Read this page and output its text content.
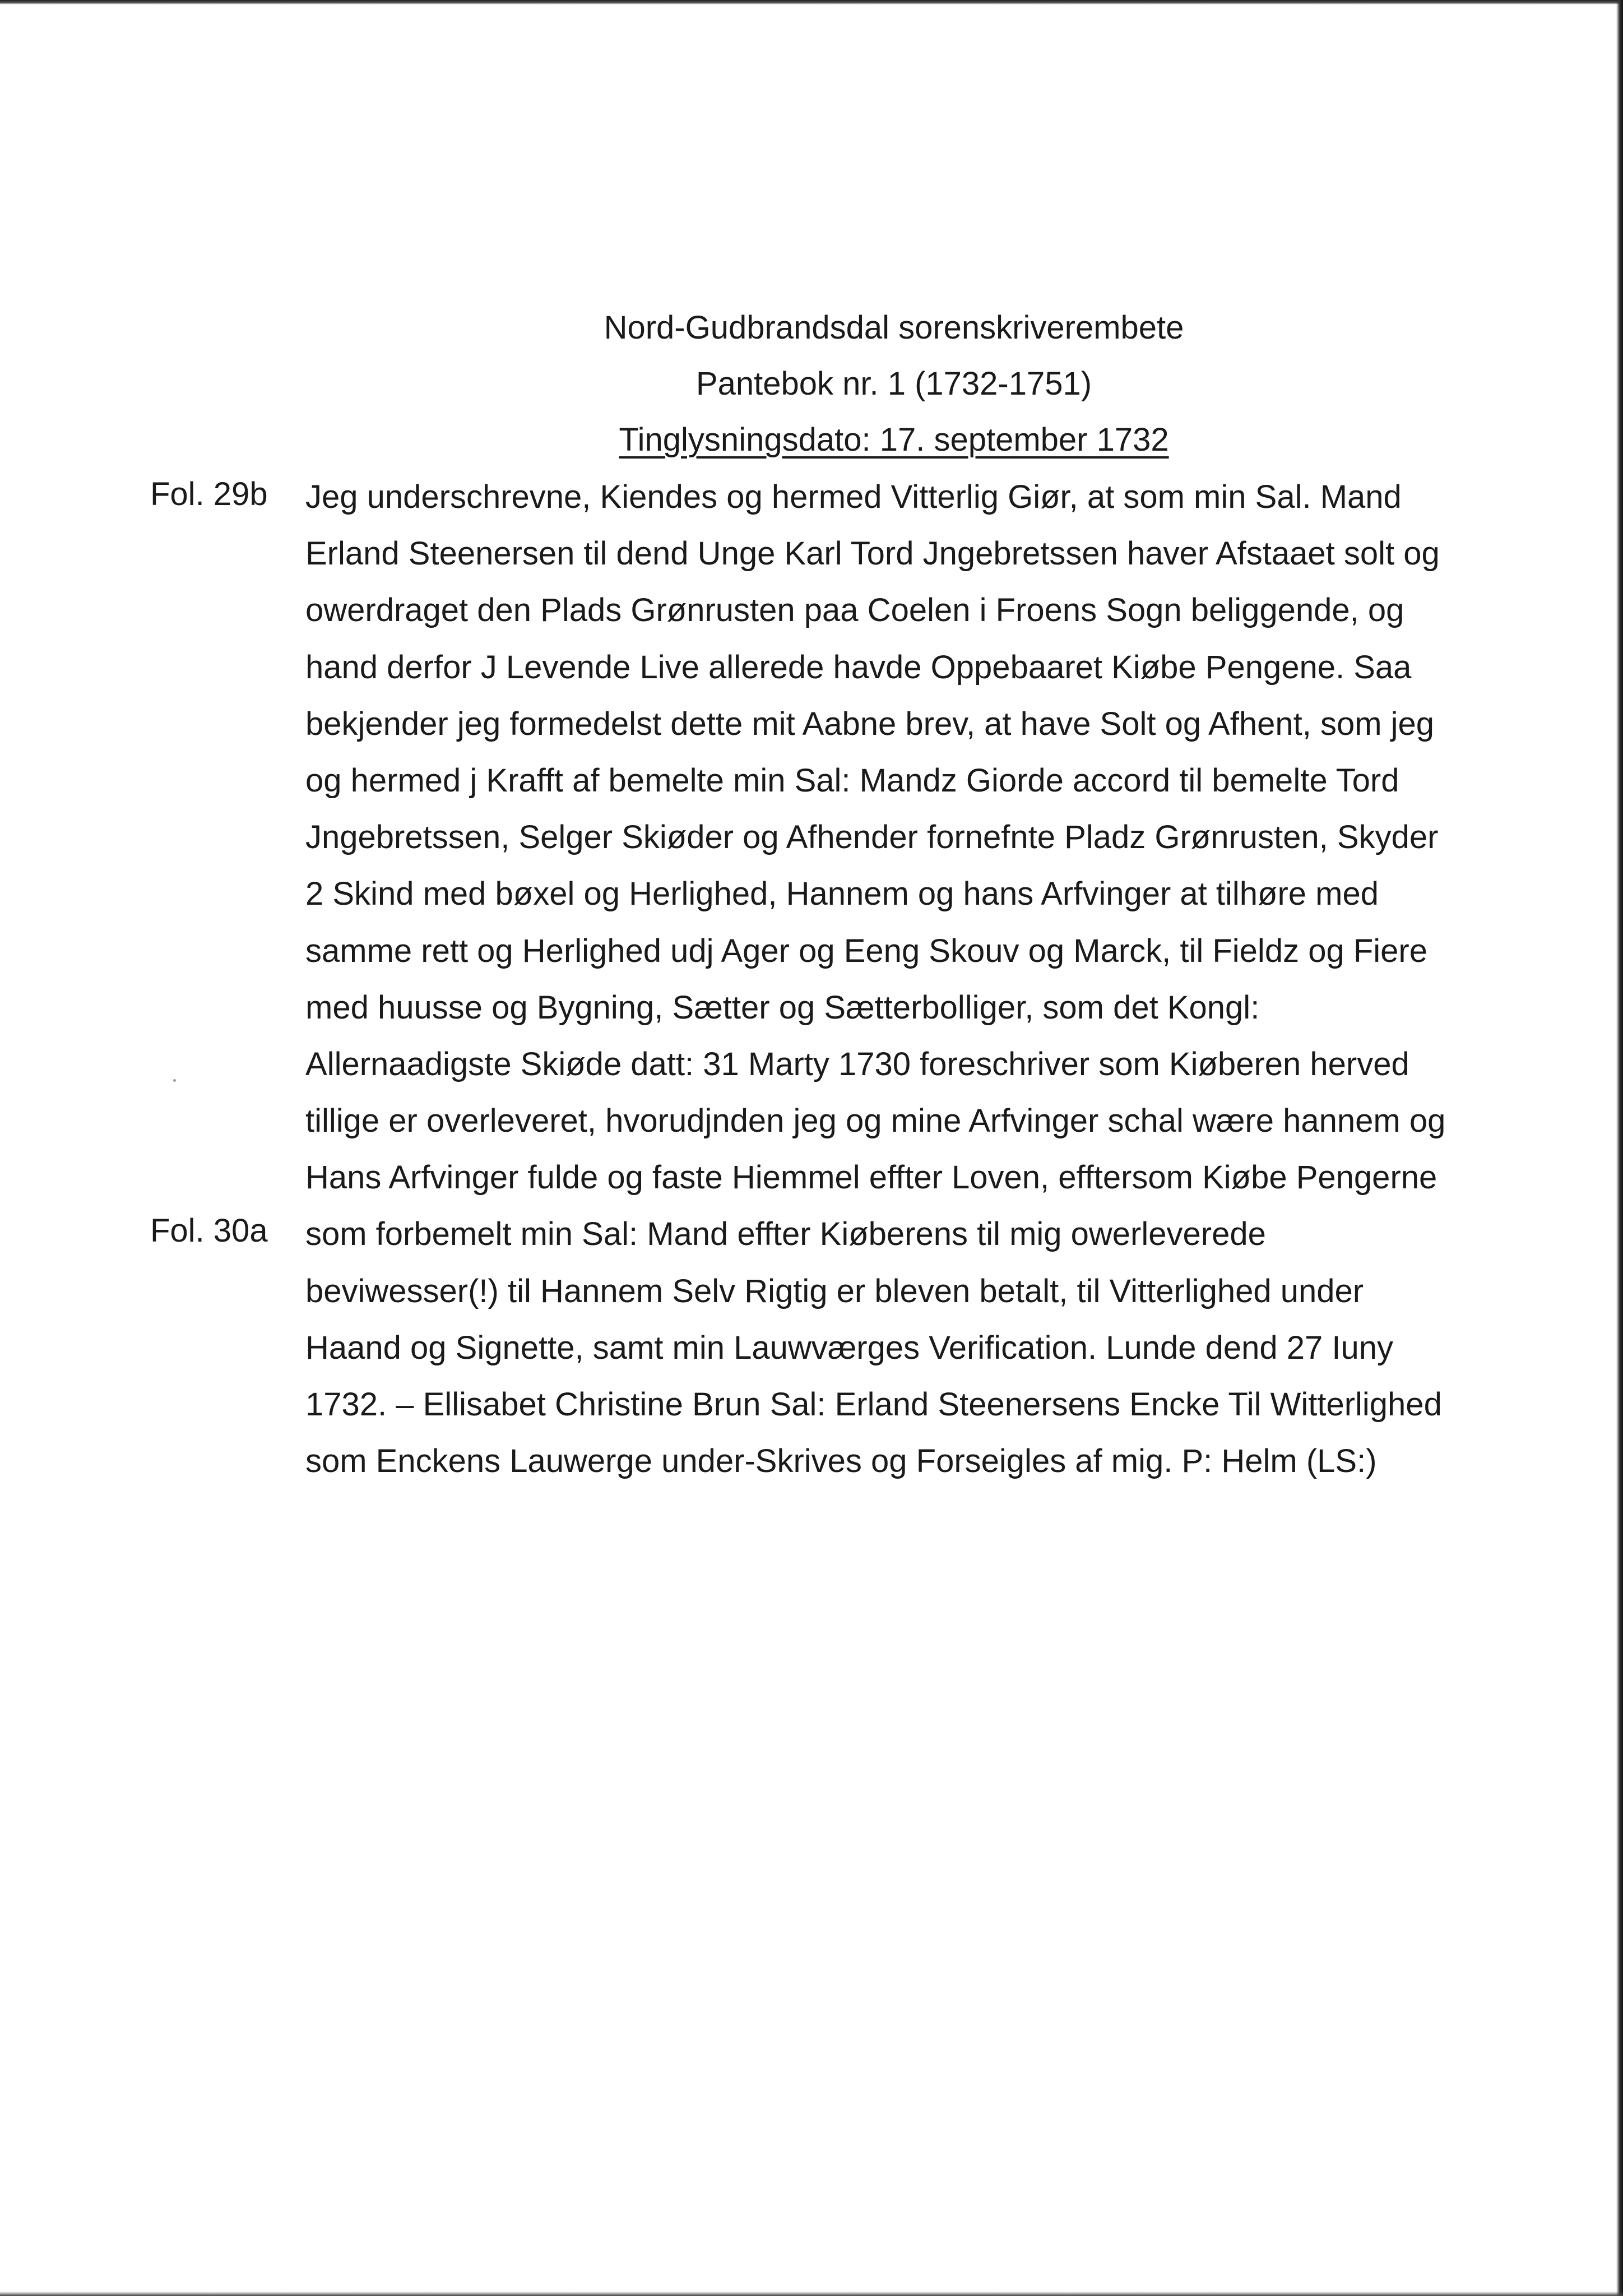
Nord-Gudbrandsdal sorenskriverembete
Pantebok nr. 1 (1732-1751)
Tinglysningsdato: 17. september 1732
Fol. 29b
Fol. 30a
Jeg underschrevne, Kiendes og hermed Vitterlig Giør, at som min Sal. Mand
Erland Steenersen til dend Unge Karl Tord Jngebretssen haver Afstaaet solt og
owerdraget den Plads Grønrusten paa Coelen i Froens Sogn beliggende, og
hand derfor J Levende Live allerede havde Oppebaaret Kiøbe Pengene. Saa
bekjender jeg formedelst dette mit Aabne brev, at have Solt og Afhent, som jeg
og hermed j Krafft af bemelte min Sal: Mandz Giorde accord til bemelte Tord
Jngebretssen, Selger Skiøder og Afhender fornefnte Pladz Grønrusten, Skyder
2 Skind med bøxel og Herlighed, Hannem og hans Arfvinger at tilhøre med
samme rett og Herlighed udj Ager og Eeng Skouv og Marck, til Fieldz og Fiere
med huusse og Bygning, Sætter og Sætterbolliger, som det Kongl:
Allernaadigste Skiøde datt: 31 Marty 1730 foreschriver som Kiøberen herved
tillige er overleveret, hvorudjnden jeg og mine Arfvinger schal wære hannem og
Hans Arfvinger fulde og faste Hiemmel effter Loven, efftersom Kiøbe Pengerne
som forbemelt min Sal: Mand effter Kiøberens til mig owerleverede
beviwesser(!) til Hannem Selv Rigtig er bleven betalt, til Vitterlighed under
Haand og Signette, samt min Lauwværges Verification. Lunde dend 27 Iuny
1732. – Ellisabet Christine Brun Sal: Erland Steenersens Encke Til Witterlighed
som Enckens Lauwerge under-Skrives og Forseigles af mig. P: Helm (LS:)
